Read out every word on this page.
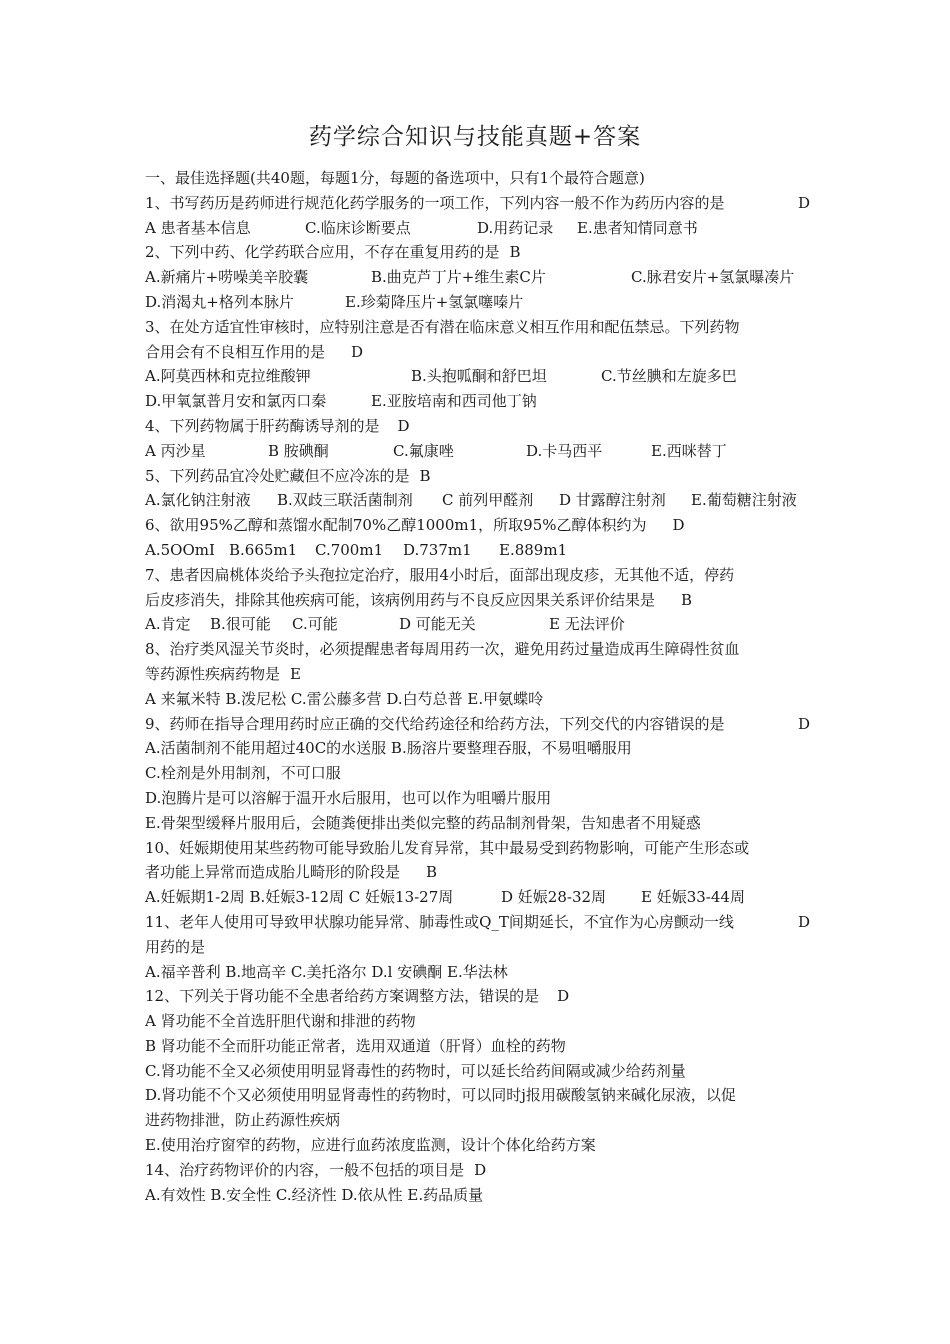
药学综合知识与技能真题+答案
一、最佳选择题(共40题，每题1分，每题的备选项中，只有1个最符合题意)
1、书写药历是药师进行规范化药学服务的一项工作，下列内容一般不作为药历内容的是	D
A 患者基本信息	C.临床诊断要点	D.用药记录	E.患者知情同意书
2、下列中药、化学药联合应用，不存在重复用药的是 B
A.新痛片+唠噪美辛胶囊	B.曲克芦丁片+维生素C片	C.脉君安片+氢氯曝凑片
D.消渴丸+格列本脉片	E.珍菊降压片+氢氯噻嗪片
3、在处方适宜性审核时，应特别注意是否有潜在临床意义相互作用和配伍禁忌。下列药物
合用会有不良相互作用的是 D
A.阿莫西林和克拉维酸钾	B.头抱呱酮和舒巴坦	C.节丝腆和左旋多巴
D.甲氧氯普月安和氯丙口秦	E.亚胺培南和西司他丁钠
4、下列药物属于肝药酶诱导剂的是 D
A 丙沙星	B 胺碘酮	C.氟康唑	D.卡马西平	E.西咪替丁
5、下列药品宜冷处贮藏但不应冷冻的是 B
A.氯化钠注射液	B.双歧三联活菌制剂	C 前列甲醛剂	D 甘露醇注射剂	E.葡萄糖注射液
6、欲用95%乙醇和蒸馏水配制70%乙醇1000m1，所取95%乙醇体积约为 D
A.5OOmI B.665m1	C.700m1	D.737m1	E.889m1
7、患者因扁桃体炎给予头孢拉定治疗，服用4小时后，面部出现皮疹，无其他不适，停药
后皮疹消失，排除其他疾病可能，该病例用药与不良反应因果关系评价结果是 B
A.肯定	B.很可能	C.可能	D 可能无关	E 无法评价
8、治疗类风湿关节炎时，必须提醒患者每周用药一次，避免用药过量造成再生障碍性贫血
等药源性疾病药物是 E
A 来氟米特 B.泼尼松 C.雷公藤多营 D.白芍总普 E.甲氨蝶呤
9、药师在指导合理用药时应正确的交代给药途径和给药方法，下列交代的内容错误的是	D
A.活菌制剂不能用超过40C的水送服 B.肠溶片要整理吞服，不易咀嚼服用
C.栓剂是外用制剂，不可口服
D.泡腾片是可以溶解于温开水后服用，也可以作为咀嚼片服用
E.骨架型缓释片服用后，会随粪便排出类似完整的药品制剂骨架，告知患者不用疑惑
10、妊娠期使用某些药物可能导致胎儿发育异常，其中最易受到药物影响，可能产生形态或
者功能上异常而造成胎儿畸形的阶段是 B
A.妊娠期1-2周 B.妊娠3-12周 C 妊娠13-27周	D 妊娠28-32周	E 妊娠33-44周
11、老年人使用可导致甲状腺功能异常、肺毒性或Q_T间期延长，不宜作为心房颤动一线	D
用药的是
A.福辛普利 B.地高辛 C.美托洛尔 D.l 安碘酮 E.华法林
12、下列关于肾功能不全患者给药方案调整方法，错误的是 D
A 肾功能不全首选肝胆代谢和排泄的药物
B 肾功能不全而肝功能正常者，选用双通道（肝肾）血栓的药物
C.肾功能不全又必须使用明显肾毒性的药物时，可以延长给药间隔或减少给药剂量
D.肾功能不个又必须使用明显肾毒性的药物时，可以同时j报用碳酸氢钠来碱化尿液，以促
进药物排泄，防止药源性疾炳
E.使用治疗窗窄的药物，应进行血药浓度监测，设计个体化给药方案
14、治疗药物评价的内容，一般不包括的项目是 D
A.有效性 B.安全性 C.经济性 D.依从性 E.药品质量
